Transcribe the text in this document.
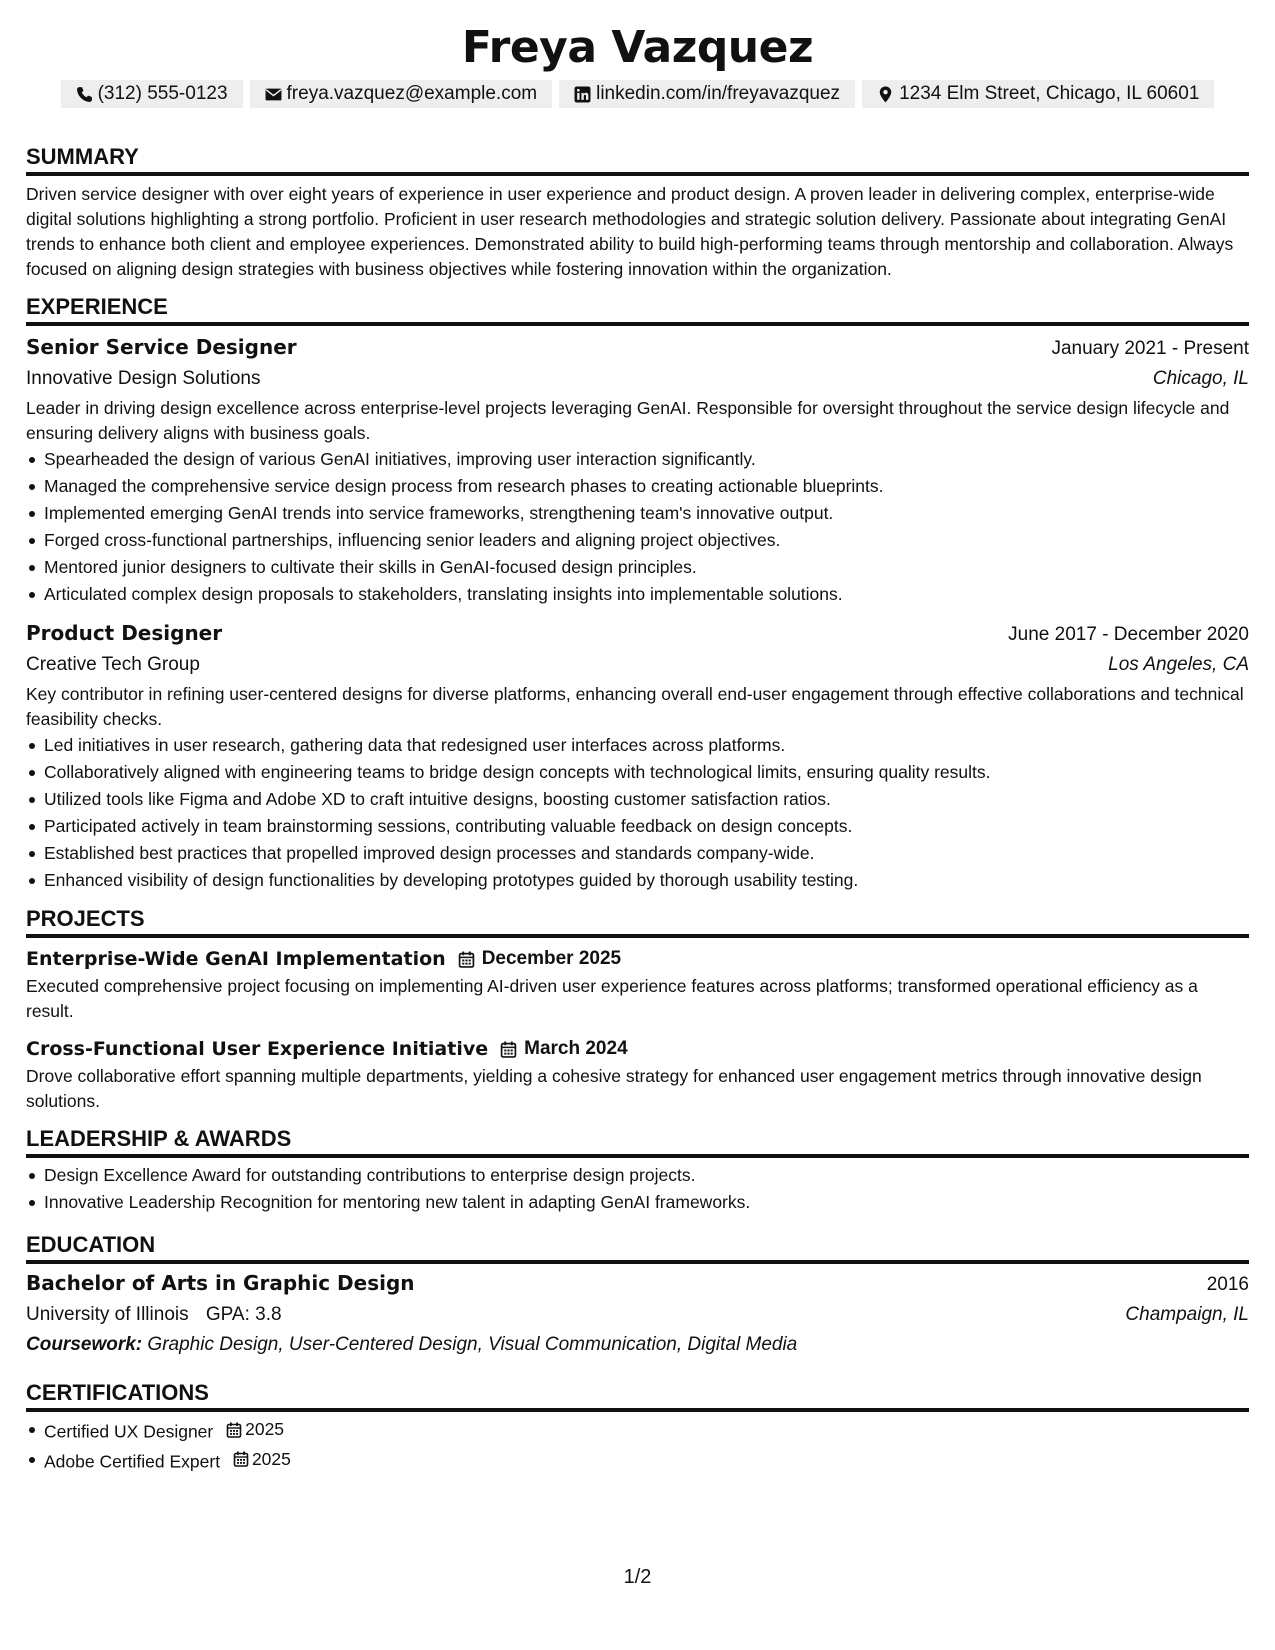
Freya Vazquez
(312) 555-0123	freya.vazquez@example.com	linkedin.com/in/freyavazquez	1234 Elm Street, Chicago, IL 60601
SUMMARY

Driven service designer with over eight years of experience in user experience and product design. A proven leader in delivering complex, enterprise-wide digital solutions highlighting a strong portfolio. Proficient in user research methodologies and strategic solution delivery. Passionate about integrating GenAI trends to enhance both client and employee experiences. Demonstrated ability to build high-performing teams through mentorship and collaboration. Always focused on aligning design strategies with business objectives while fostering innovation within the organization.

EXPERIENCE
Senior Service Designer	January 2021 - Present
Innovative Design Solutions	Chicago, IL

Leader in driving design excellence across enterprise-level projects leveraging GenAI. Responsible for oversight throughout the service design lifecycle and ensuring delivery aligns with business goals.

Spearheaded the design of various GenAI initiatives, improving user interaction significantly.
Managed the comprehensive service design process from research phases to creating actionable blueprints.
Implemented emerging GenAI trends into service frameworks, strengthening team's innovative output.
Forged cross-functional partnerships, influencing senior leaders and aligning project objectives.
Mentored junior designers to cultivate their skills in GenAI-focused design principles.
Articulated complex design proposals to stakeholders, translating insights into implementable solutions.
Product Designer	June 2017 - December 2020
Creative Tech Group	Los Angeles, CA

Key contributor in refining user-centered designs for diverse platforms, enhancing overall end-user engagement through effective collaborations and technical feasibility checks.

Led initiatives in user research, gathering data that redesigned user interfaces across platforms.
Collaboratively aligned with engineering teams to bridge design concepts with technological limits, ensuring quality results.
Utilized tools like Figma and Adobe XD to craft intuitive designs, boosting customer satisfaction ratios.
Participated actively in team brainstorming sessions, contributing valuable feedback on design concepts.
Established best practices that propelled improved design processes and standards company-wide.
Enhanced visibility of design functionalities by developing prototypes guided by thorough usability testing.
PROJECTS
Enterprise-Wide GenAI Implementation December 2025

Executed comprehensive project focusing on implementing AI-driven user experience features across platforms; transformed operational efficiency as a result.

Cross-Functional User Experience Initiative March 2024

Drove collaborative effort spanning multiple departments, yielding a cohesive strategy for enhanced user engagement metrics through innovative design solutions.

LEADERSHIP & AWARDS
Design Excellence Award for outstanding contributions to enterprise design projects.
Innovative Leadership Recognition for mentoring new talent in adapting GenAI frameworks.
EDUCATION
Bachelor of Arts in Graphic Design	2016
University of Illinois GPA: 3.8	Champaign, IL
Coursework: Graphic Design, User-Centered Design, Visual Communication, Digital Media
CERTIFICATIONS
Certified UX Designer 2025
Adobe Certified Expert 2025
1/2
